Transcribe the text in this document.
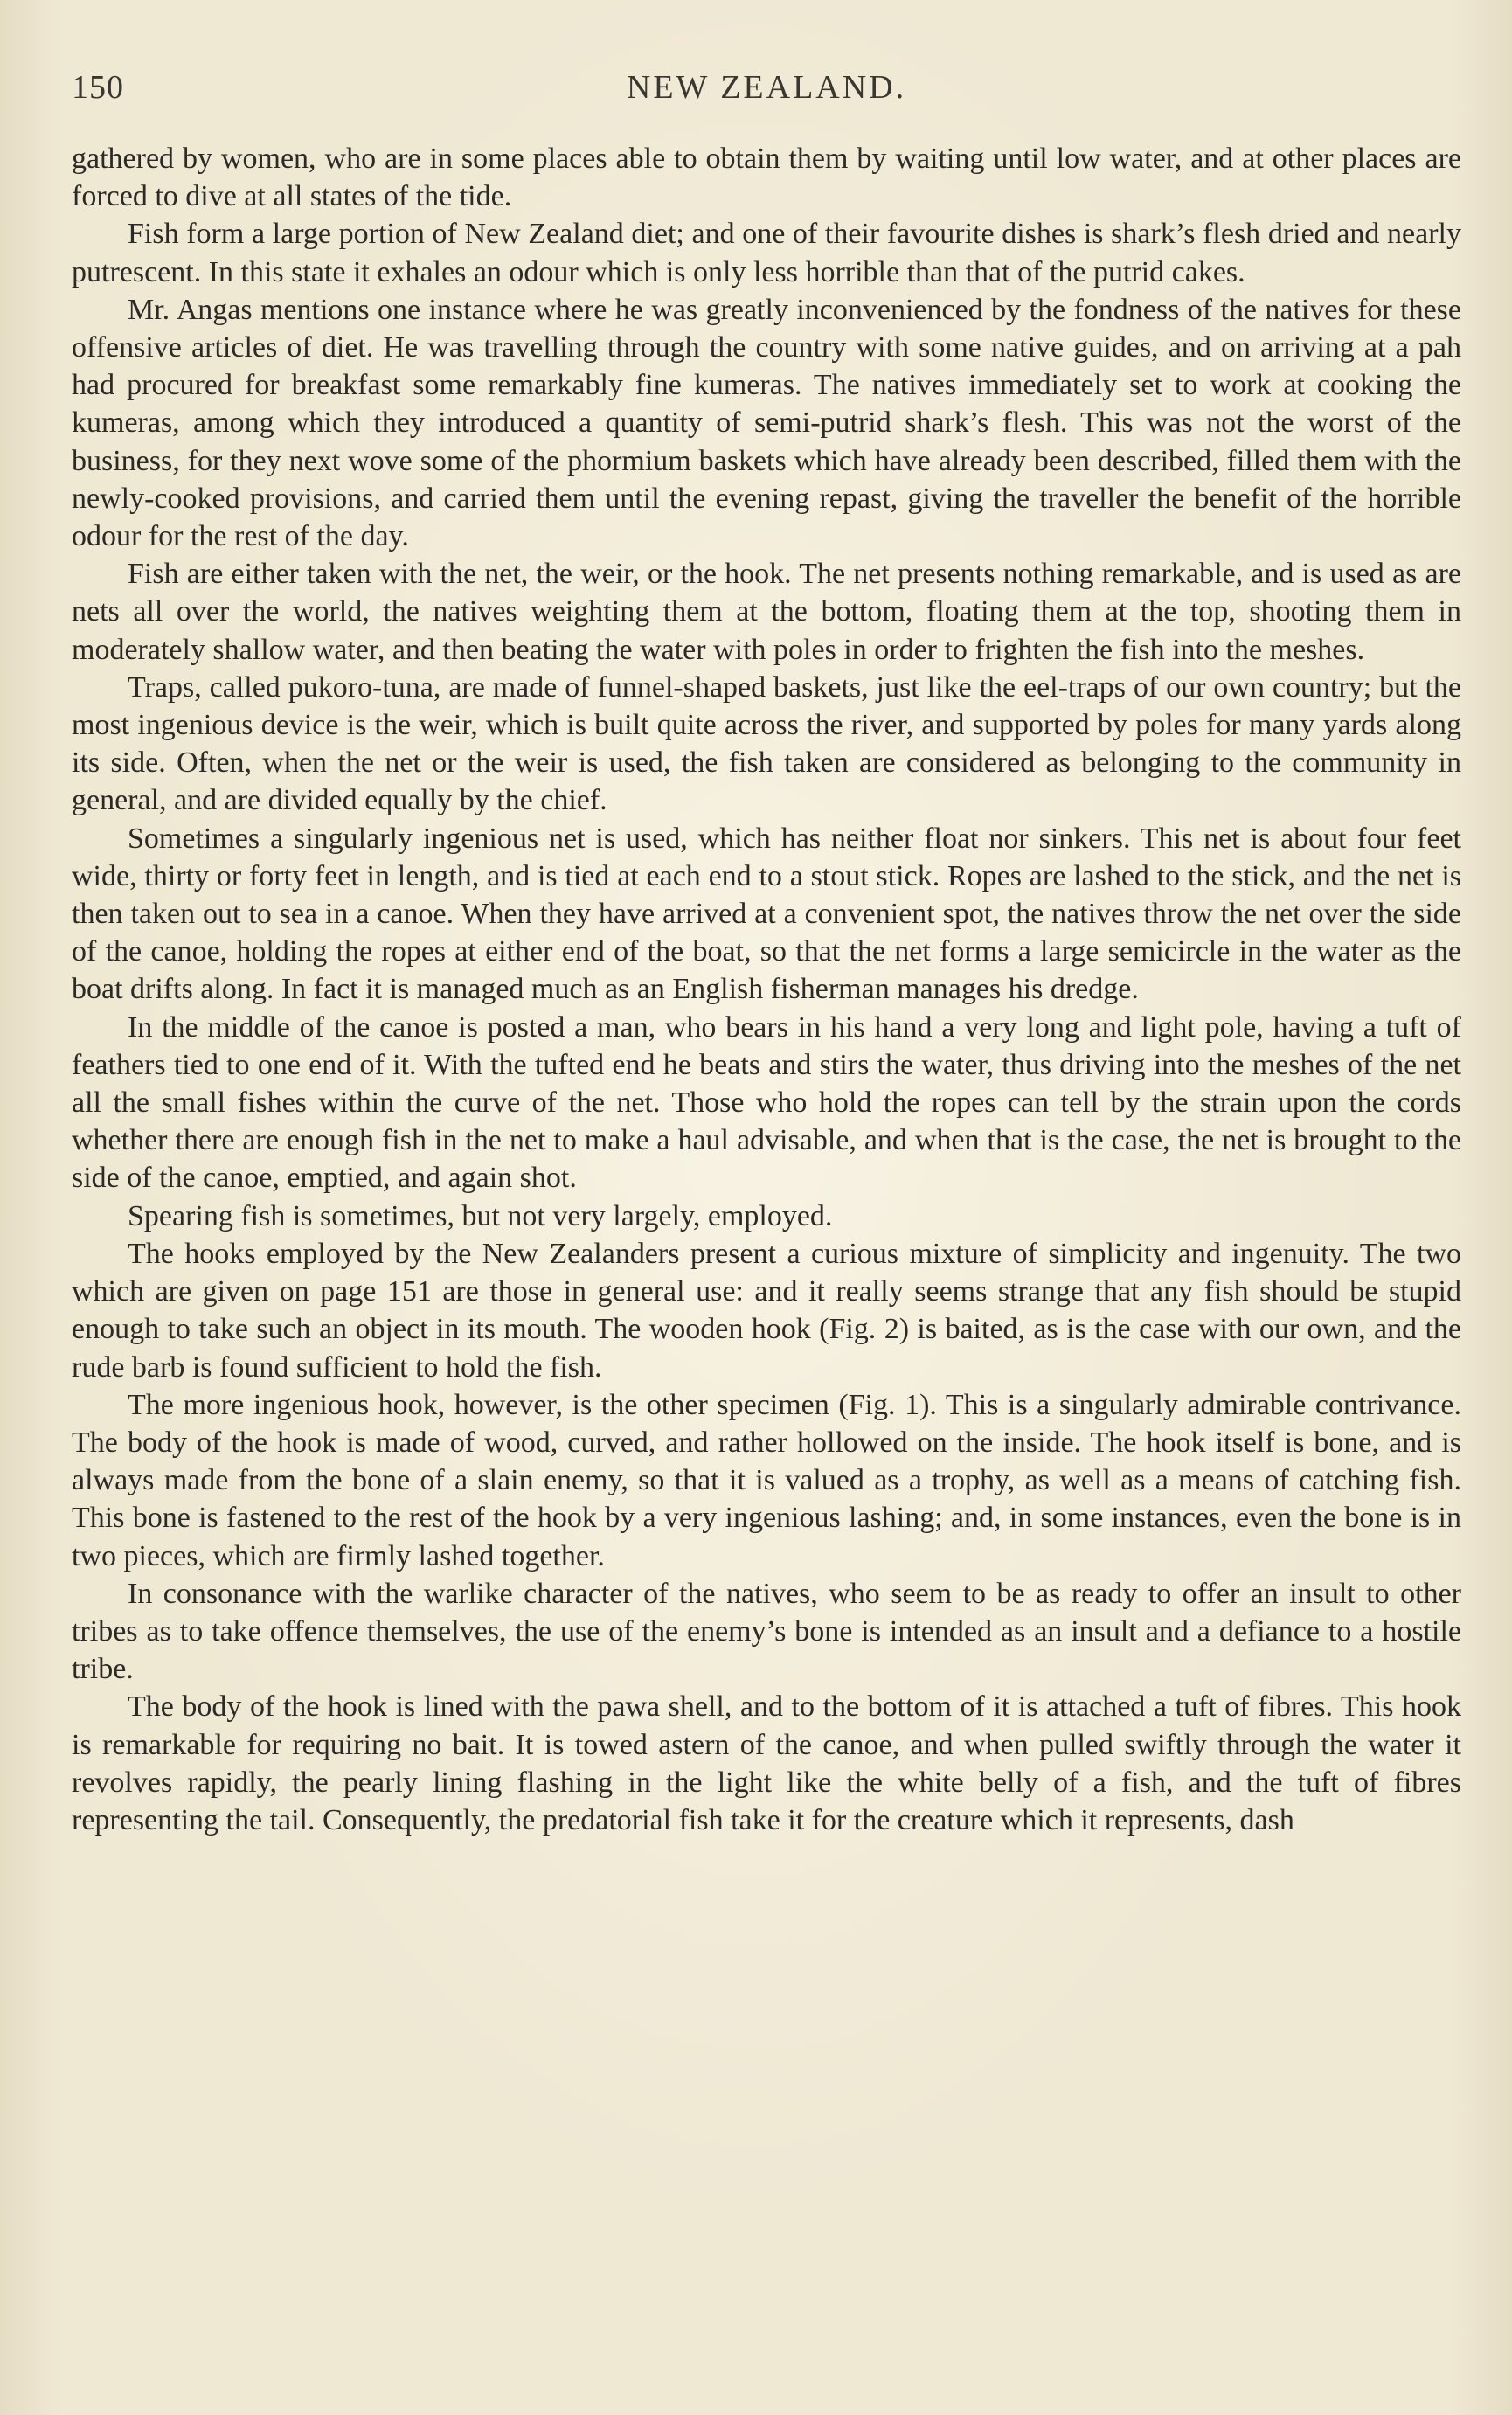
150	NEW ZEALAND.

gathered by women, who are in some places able to obtain them by waiting until low water, and at other places are forced to dive at all states of the tide.

Fish form a large portion of New Zealand diet; and one of their favourite dishes is shark’s flesh dried and nearly putrescent. In this state it exhales an odour which is only less horrible than that of the putrid cakes.

Mr. Angas mentions one instance where he was greatly inconvenienced by the fondness of the natives for these offensive articles of diet. He was travelling through the country with some native guides, and on arriving at a pah had procured for breakfast some remarkably fine kumeras. The natives immediately set to work at cooking the kumeras, among which they introduced a quantity of semi-putrid shark’s flesh. This was not the worst of the business, for they next wove some of the phormium baskets which have already been described, filled them with the newly-cooked provisions, and carried them until the evening repast, giving the traveller the benefit of the horrible odour for the rest of the day.

Fish are either taken with the net, the weir, or the hook. The net presents nothing remarkable, and is used as are nets all over the world, the natives weighting them at the bottom, floating them at the top, shooting them in moderately shallow water, and then beating the water with poles in order to frighten the fish into the meshes.

Traps, called pukoro-tuna, are made of funnel-shaped baskets, just like the eel-traps of our own country; but the most ingenious device is the weir, which is built quite across the river, and supported by poles for many yards along its side. Often, when the net or the weir is used, the fish taken are considered as belonging to the community in general, and are divided equally by the chief.

Sometimes a singularly ingenious net is used, which has neither float nor sinkers. This net is about four feet wide, thirty or forty feet in length, and is tied at each end to a stout stick. Ropes are lashed to the stick, and the net is then taken out to sea in a canoe. When they have arrived at a convenient spot, the natives throw the net over the side of the canoe, holding the ropes at either end of the boat, so that the net forms a large semicircle in the water as the boat drifts along. In fact it is managed much as an English fisherman manages his dredge.

In the middle of the canoe is posted a man, who bears in his hand a very long and light pole, having a tuft of feathers tied to one end of it. With the tufted end he beats and stirs the water, thus driving into the meshes of the net all the small fishes within the curve of the net. Those who hold the ropes can tell by the strain upon the cords whether there are enough fish in the net to make a haul advisable, and when that is the case, the net is brought to the side of the canoe, emptied, and again shot.

Spearing fish is sometimes, but not very largely, employed.

The hooks employed by the New Zealanders present a curious mixture of simplicity and ingenuity. The two which are given on page 151 are those in general use: and it really seems strange that any fish should be stupid enough to take such an object in its mouth. The wooden hook (Fig. 2) is baited, as is the case with our own, and the rude barb is found sufficient to hold the fish.

The more ingenious hook, however, is the other specimen (Fig. 1). This is a singularly admirable contrivance. The body of the hook is made of wood, curved, and rather hollowed on the inside. The hook itself is bone, and is always made from the bone of a slain enemy, so that it is valued as a trophy, as well as a means of catching fish. This bone is fastened to the rest of the hook by a very ingenious lashing; and, in some instances, even the bone is in two pieces, which are firmly lashed together.

In consonance with the warlike character of the natives, who seem to be as ready to offer an insult to other tribes as to take offence themselves, the use of the enemy’s bone is intended as an insult and a defiance to a hostile tribe.

The body of the hook is lined with the pawa shell, and to the bottom of it is attached a tuft of fibres. This hook is remarkable for requiring no bait. It is towed astern of the canoe, and when pulled swiftly through the water it revolves rapidly, the pearly lining flashing in the light like the white belly of a fish, and the tuft of fibres representing the tail. Consequently, the predatorial fish take it for the creature which it represents, dash
